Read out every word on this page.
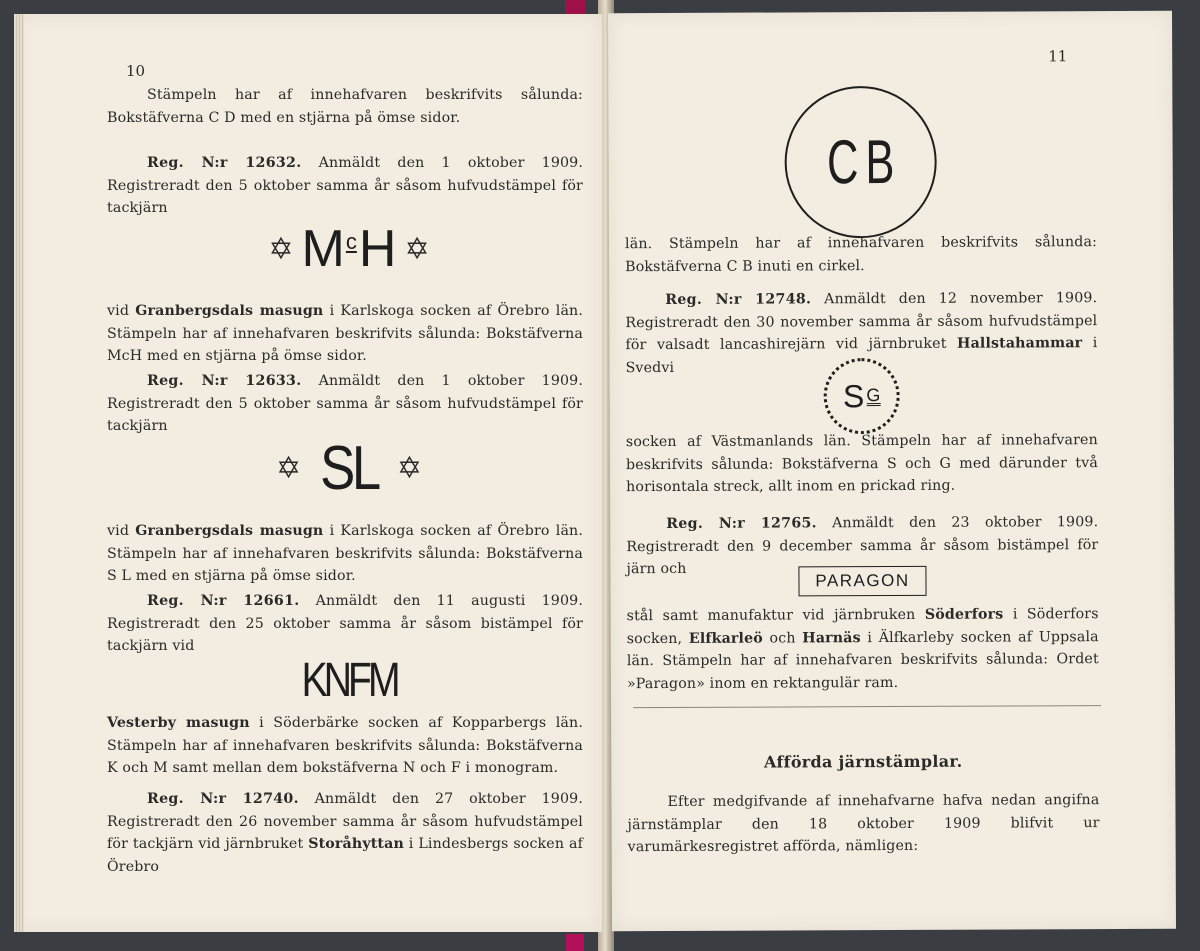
10

Stämpeln har af innehafvaren beskrifvits sålunda: Bokstäfverna C D med en stjärna på ömse sidor.

Reg. N:r 12632. Anmäldt den 1 oktober 1909. Registreradt den 5 oktober samma år såsom hufvudstämpel för tackjärn

✡ M c H ✡

vid Granbergsdals masugn i Karlskoga socken af Örebro län. Stämpeln har af innehafvaren beskrifvits sålunda: Bokstäfverna McH med en stjärna på ömse sidor.

Reg. N:r 12633. Anmäldt den 1 oktober 1909. Registreradt den 5 oktober samma år såsom hufvudstämpel för tackjärn

✡ SL ✡

vid Granbergsdals masugn i Karlskoga socken af Örebro län. Stämpeln har af innehafvaren beskrifvits sålunda: Bokstäfverna S L med en stjärna på ömse sidor.

Reg. N:r 12661. Anmäldt den 11 augusti 1909. Registreradt den 25 oktober samma år såsom bistämpel för tackjärn vid

KNFM

Vesterby masugn i Söderbärke socken af Kopparbergs län. Stämpeln har af innehafvaren beskrifvits sålunda: Bokstäfverna K och M samt mellan dem bokstäfverna N och F i monogram.

Reg. N:r 12740. Anmäldt den 27 oktober 1909. Registreradt den 26 november samma år såsom hufvudstämpel för tackjärn vid järnbruket Storåhyttan i Lindesbergs socken af Örebro

11
CB

län. Stämpeln har af innehafvaren beskrifvits sålunda: Bokstäfverna C B inuti en cirkel.

Reg. N:r 12748. Anmäldt den 12 november 1909. Registreradt den 30 november samma år såsom hufvudstämpel för valsadt lancashirejärn vid järnbruket Hallstahammar i Svedvi

S G

socken af Västmanlands län. Stämpeln har af innehafvaren beskrifvits sålunda: Bokstäfverna S och G med därunder två horisontala streck, allt inom en prickad ring.

Reg. N:r 12765. Anmäldt den 23 oktober 1909. Registreradt den 9 december samma år såsom bistämpel för järn och

PARAGON

stål samt manufaktur vid järnbruken Söderfors i Söderfors socken, Elfkarleö och Harnäs i Älfkarleby socken af Uppsala län. Stämpeln har af innehafvaren beskrifvits sålunda: Ordet »Paragon» inom en rektangulär ram.

Afförda järnstämplar.

Efter medgifvande af innehafvarne hafva nedan angifna järnstämplar den 18 oktober 1909 blifvit ur varumärkesregistret afförda, nämligen:
